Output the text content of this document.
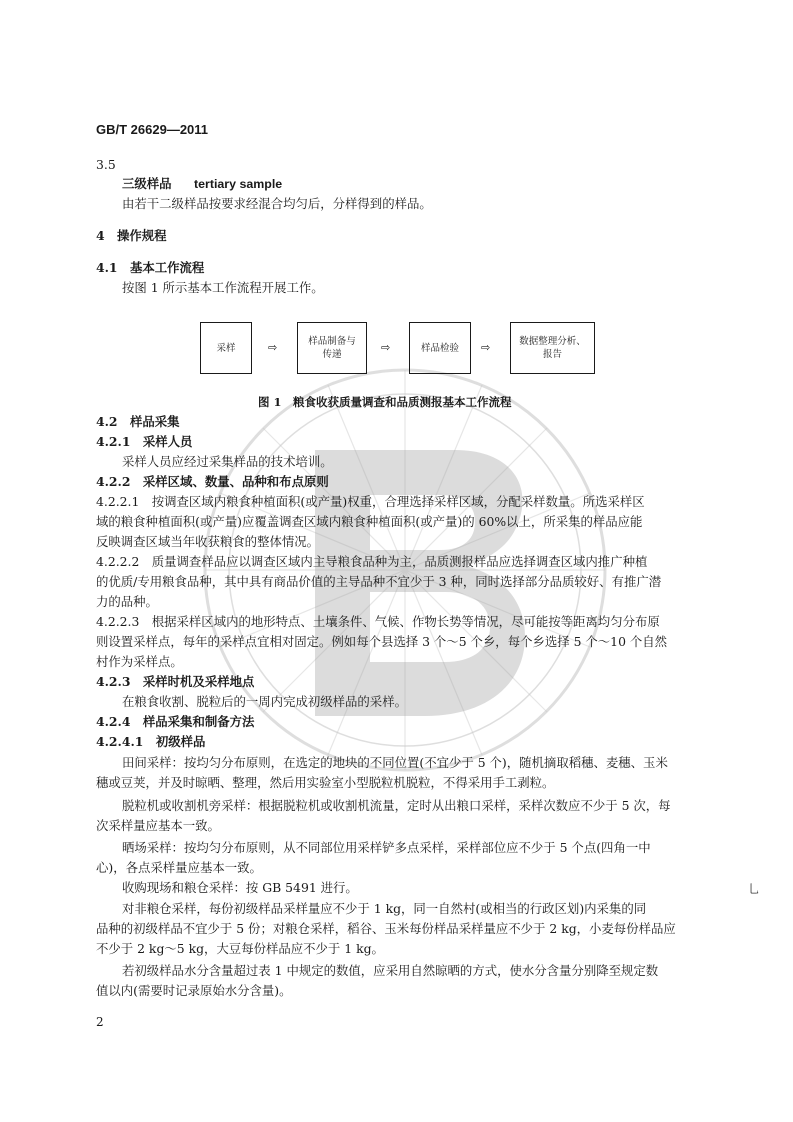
GB/T 26629—2011
3.5
三级样品 tertiary sample
由若干二级样品按要求经混合均匀后，分样得到的样品。
4　操作规程
4.1　基本工作流程
按图 1 所示基本工作流程开展工作。
采样	⇨	样品制备与
传递
⇨	样品检验 ⇨	数据整理分析、
报告
图 1　粮食收获质量调查和品质测报基本工作流程
4.2　样品采集
4.2.1　采样人员
采样人员应经过采集样品的技术培训。
4.2.2　采样区域、数量、品种和布点原则
4.2.2.1　按调查区域内粮食种植面积(或产量)权重，合理选择采样区域，分配采样数量。所选采样区
域的粮食种植面积(或产量)应覆盖调查区域内粮食种植面积(或产量)的 60%以上，所采集的样品应能
反映调查区域当年收获粮食的整体情况。
4.2.2.2　质量调查样品应以调查区域内主导粮食品种为主，品质测报样品应选择调查区域内推广种植
的优质/专用粮食品种，其中具有商品价值的主导品种不宜少于 3 种，同时选择部分品质较好、有推广潜
力的品种。
4.2.2.3　根据采样区域内的地形特点、土壤条件、气候、作物长势等情况，尽可能按等距离均匀分布原
则设置采样点，每年的采样点宜相对固定。例如每个县选择 3 个～5 个乡，每个乡选择 5 个～10 个自然
村作为采样点。
4.2.3　采样时机及采样地点
在粮食收割、脱粒后的一周内完成初级样品的采样。
4.2.4　样品采集和制备方法
4.2.4.1　初级样品
田间采样：按均匀分布原则，在选定的地块的不同位置(不宜少于 5 个)，随机摘取稻穗、麦穗、玉米
穗或豆荚，并及时晾晒、整理，然后用实验室小型脱粒机脱粒，不得采用手工剥粒。
脱粒机或收割机旁采样：根据脱粒机或收割机流量，定时从出粮口采样，采样次数应不少于 5 次，每
次采样量应基本一致。
晒场采样：按均匀分布原则，从不同部位用采样铲多点采样，采样部位应不少于 5 个点(四角一中
心)，各点采样量应基本一致。
收购现场和粮仓采样：按 GB 5491 进行。
对非粮仓采样，每份初级样品采样量应不少于 1 kg，同一自然村(或相当的行政区划)内采集的同
品种的初级样品不宜少于 5 份；对粮仓采样，稻谷、玉米每份样品采样量应不少于 2 kg，小麦每份样品应
不少于 2 kg～5 kg，大豆每份样品应不少于 1 kg。
若初级样品水分含量超过表 1 中规定的数值，应采用自然晾晒的方式，使水分含量分别降至规定数
值以内(需要时记录原始水分含量)。
乚
2
